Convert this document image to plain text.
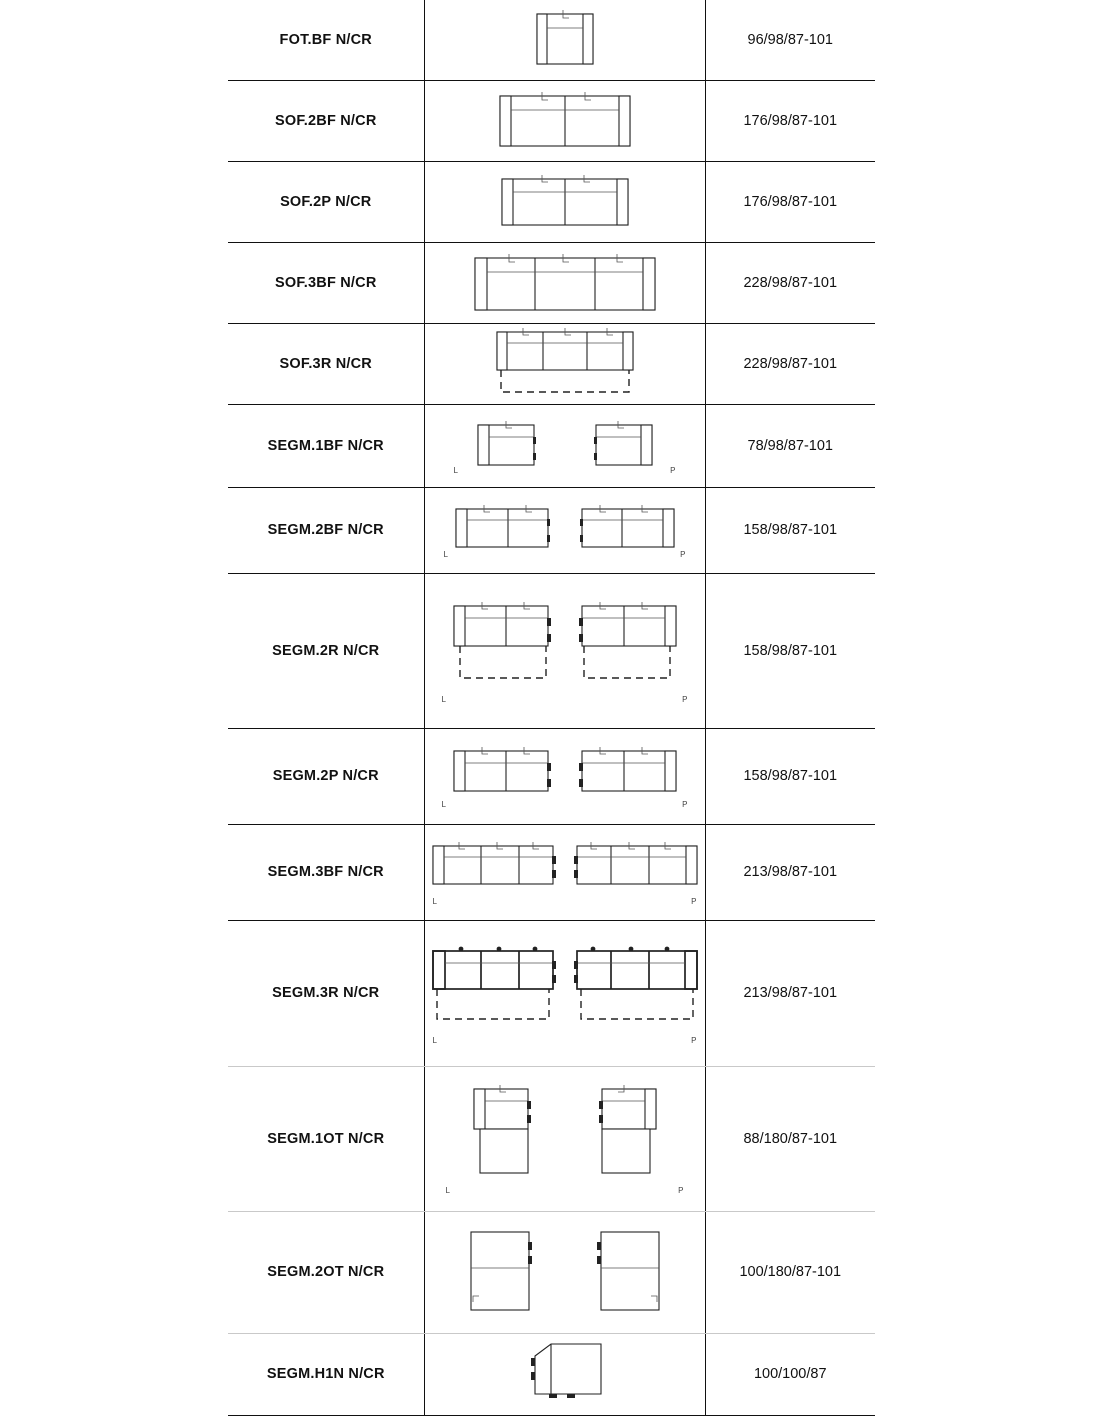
FOT.BF N/CR		96/98/87-101
SOF.2BF N/CR		176/98/87-101
SOF.2P N/CR		176/98/87-101
SOF.3BF N/CR		228/98/87-101
SOF.3R N/CR		228/98/87-101
SEGM.1BF N/CR	L P	78/98/87-101
SEGM.2BF N/CR	L P	158/98/87-101
SEGM.2R N/CR	L P	158/98/87-101
SEGM.2P N/CR	L P	158/98/87-101
SEGM.3BF N/CR	L P	213/98/87-101
SEGM.3R N/CR	L P	213/98/87-101
SEGM.1OT N/CR	L P	88/180/87-101
SEGM.2OT N/CR		100/180/87-101
SEGM.H1N N/CR		100/100/87
